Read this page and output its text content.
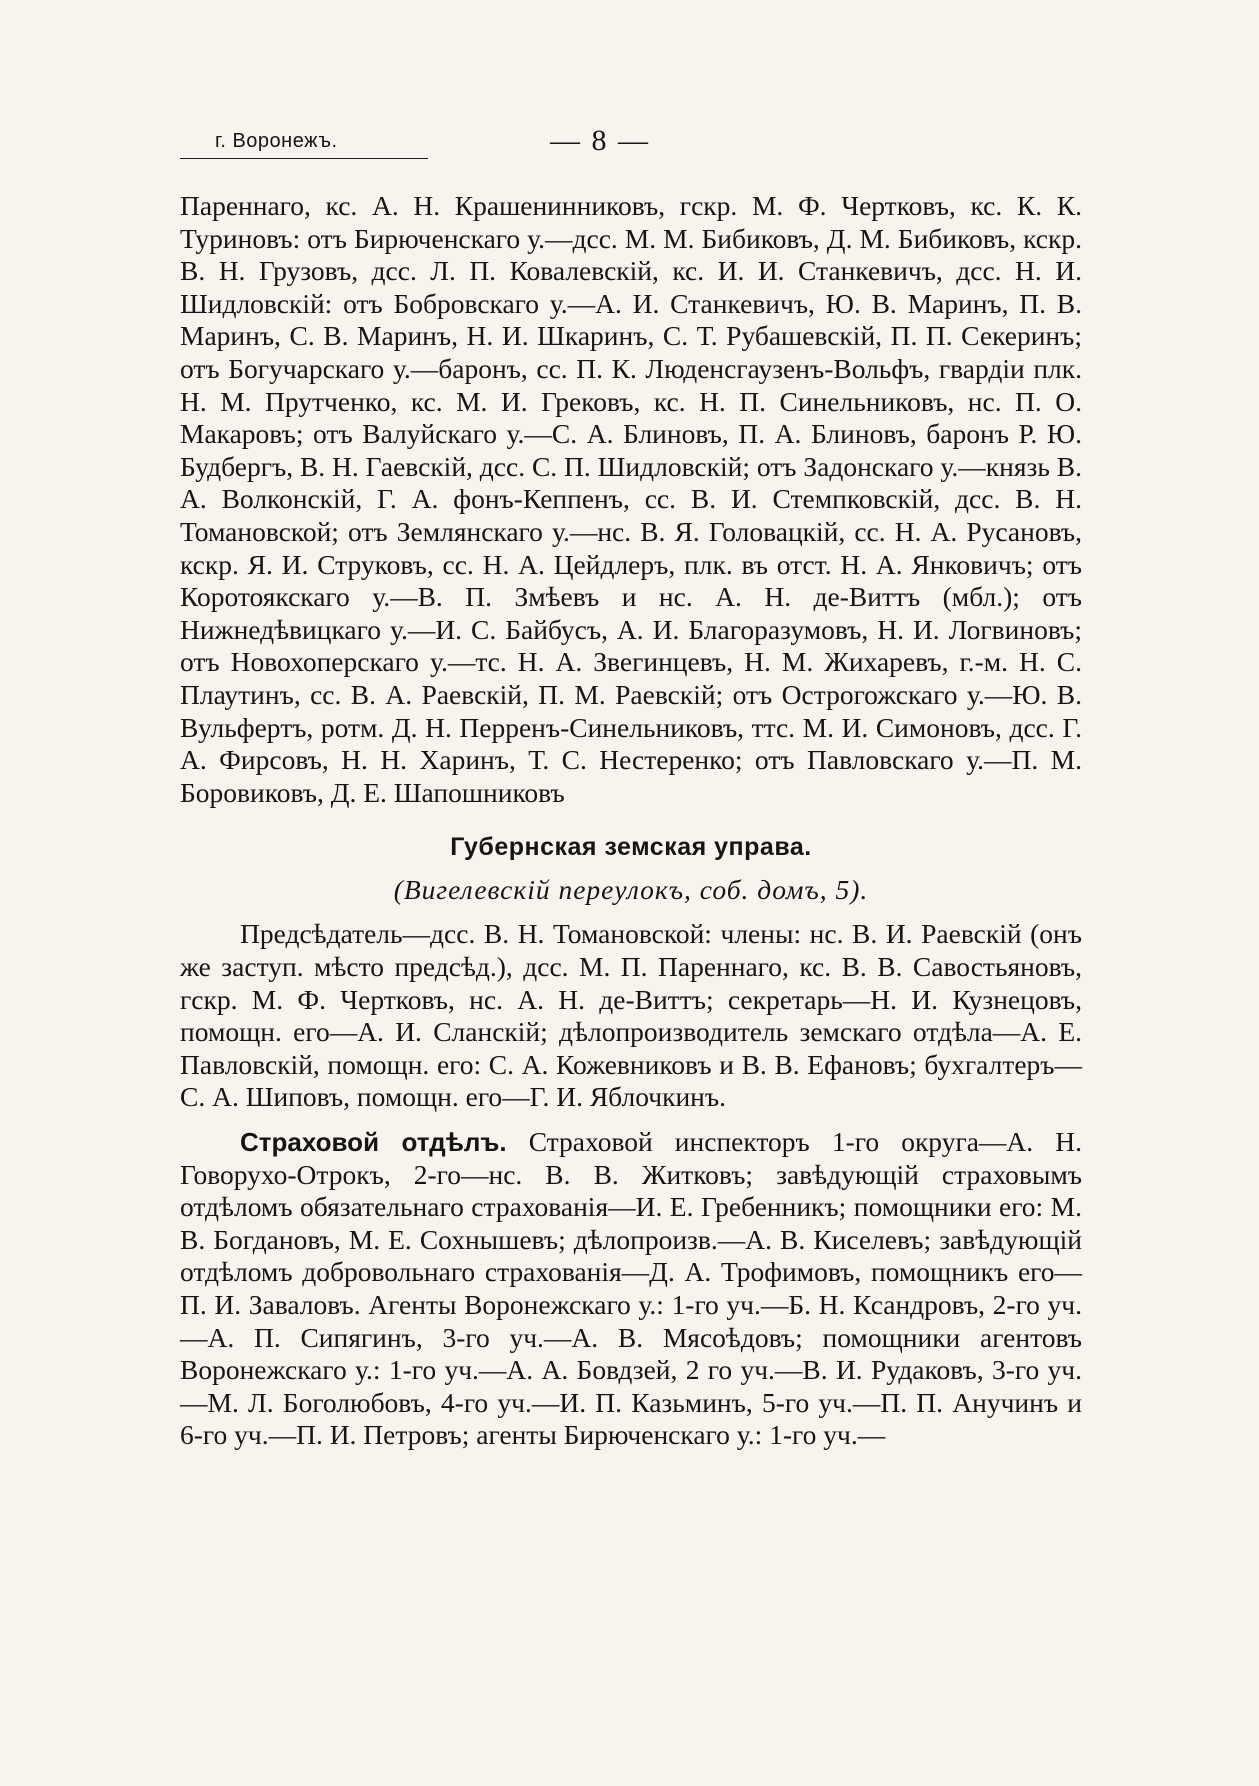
г. Воронежъ.	— 8 —

Пареннаго, кс. А. Н. Крашенинниковъ, гскр. М. Ф. Чертковъ, кс. К. К. Туриновъ: отъ Бирюченскаго у.—дсс. М. М. Бибиковъ, Д. М. Бибиковъ, кскр. В. Н. Грузовъ, дсс. Л. П. Ковалевскій, кс. И. И. Станкевичъ, дсс. Н. И. Шидловскій: отъ Бобровскаго у.—А. И. Станкевичъ, Ю. В. Маринъ, П. В. Маринъ, С. В. Маринъ, Н. И. Шкаринъ, С. Т. Рубашевскій, П. П. Секеринъ; отъ Богучарскаго у.—баронъ, сс. П. К. Люденсгаузенъ-Вольфъ, гвардіи плк. Н. М. Прутченко, кс. М. И. Грековъ, кс. Н. П. Синельниковъ, нс. П. О. Макаровъ; отъ Валуйскаго у.—С. А. Блиновъ, П. А. Блиновъ, баронъ Р. Ю. Будбергъ, В. Н. Гаевскій, дсс. С. П. Шидловскій; отъ Задонскаго у.—князь В. А. Волконскій, Г. А. фонъ-Кеппенъ, сс. В. И. Стемпковскій, дсс. В. Н. Томановской; отъ Землянскаго у.—нс. В. Я. Головацкій, сс. Н. А. Русановъ, кскр. Я. И. Струковъ, сс. Н. А. Цейдлеръ, плк. въ отст. Н. А. Янковичъ; отъ Коротоякскаго у.—В. П. Змѣевъ и нс. А. Н. де-Виттъ (мбл.); отъ Нижнедѣвицкаго у.—И. С. Байбусъ, А. И. Благоразумовъ, Н. И. Логвиновъ; отъ Новохоперскаго у.—тс. Н. А. Звегинцевъ, Н. М. Жихаревъ, г.-м. Н. С. Плаутинъ, сс. В. А. Раевскій, П. М. Раевскій; отъ Острогожскаго у.—Ю. В. Вульфертъ, ротм. Д. Н. Перренъ-Синельниковъ, ттс. М. И. Симоновъ, дсс. Г. А. Фирсовъ, Н. Н. Харинъ, Т. С. Нестеренко; отъ Павловскаго у.—П. М. Боровиковъ, Д. Е. Шапошниковъ

Губернская земская управа.

(Вигелевскій переулокъ, соб. домъ, 5).

Предсѣдатель—дсс. В. Н. Томановской: члены: нс. В. И. Раевскій (онъ же заступ. мѣсто предсѣд.), дсс. М. П. Пареннаго, кс. В. В. Савостьяновъ, гскр. М. Ф. Чертковъ, нс. А. Н. де-Виттъ; секретарь—Н. И. Кузнецовъ, помощн. его—А. И. Сланскій; дѣлопроизводитель земскаго отдѣла—А. Е. Павловскій, помощн. его: С. А. Кожевниковъ и В. В. Ефановъ; бухгалтеръ—С. А. Шиповъ, помощн. его—Г. И. Яблочкинъ.

Страховой отдѣлъ. Страховой инспекторъ 1-го округа—А. Н. Говорухо-Отрокъ, 2-го—нс. В. В. Житковъ; завѣдующій страховымъ отдѣломъ обязательнаго страхованія—И. Е. Гребенникъ; помощники его: М. В. Богдановъ, М. Е. Сохнышевъ; дѣлопроизв.—А. В. Киселевъ; завѣдующій отдѣломъ добровольнаго страхованія—Д. А. Трофимовъ, помощникъ его—П. И. Заваловъ. Агенты Воронежскаго у.: 1-го уч.—Б. Н. Ксандровъ, 2-го уч.—А. П. Сипягинъ, 3-го уч.—А. В. Мясоѣдовъ; помощники агентовъ Воронежскаго у.: 1-го уч.—А. А. Бовдзей, 2 го уч.—В. И. Рудаковъ, 3-го уч.—М. Л. Боголюбовъ, 4-го уч.—И. П. Казьминъ, 5-го уч.—П. П. Анучинъ и 6-го уч.—П. И. Петровъ; агенты Бирюченскаго у.: 1-го уч.—
